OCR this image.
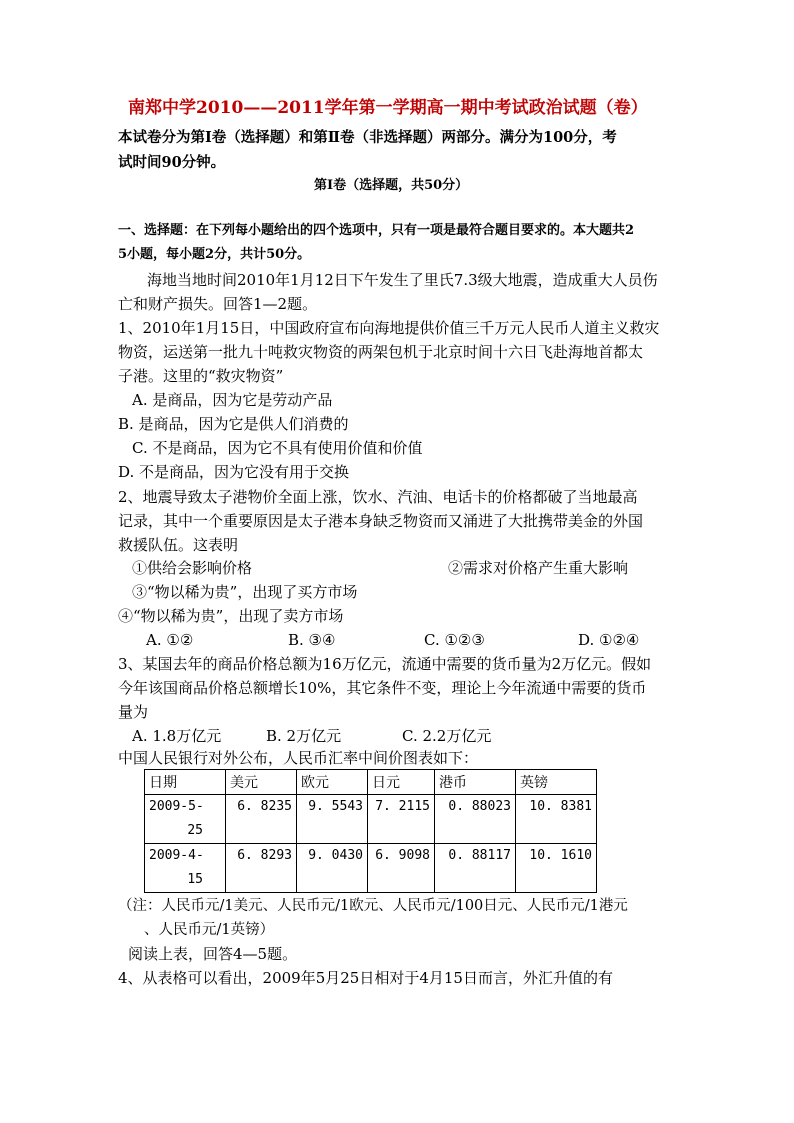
南郑中学2010——2011学年第一学期高一期中考试政治试题（卷）
本试卷分为第Ⅰ卷（选择题）和第Ⅱ卷（非选择题）两部分。满分为100分，考
试时间90分钟。
第Ⅰ卷（选择题，共50分）
一、选择题：在下列每小题给出的四个选项中，只有一项是最符合题目要求的。本大题共2
5小题，每小题2分，共计50分。
海地当地时间2010年1月12日下午发生了里氏7.3级大地震，造成重大人员伤
亡和财产损失。回答1—2题。
1、2010年1月15日，中国政府宣布向海地提供价值三千万元人民币人道主义救灾
物资，运送第一批九十吨救灾物资的两架包机于北京时间十六日飞赴海地首都太
子港。这里的“救灾物资”
A. 是商品，因为它是劳动产品
B. 是商品，因为它是供人们消费的
C. 不是商品，因为它不具有使用价值和价值
D. 不是商品，因为它没有用于交换
2、地震导致太子港物价全面上涨，饮水、汽油、电话卡的价格都破了当地最高
记录，其中一个重要原因是太子港本身缺乏物资而又涌进了大批携带美金的外国
救援队伍。这表明
①供给会影响价格	②需求对价格产生重大影响
③“物以稀为贵”，出现了买方市场
④“物以稀为贵”，出现了卖方市场
A. ①②	B. ③④	C. ①②③	D. ①②④
3、某国去年的商品价格总额为16万亿元，流通中需要的货币量为2万亿元。假如
今年该国商品价格总额增长10%，其它条件不变，理论上今年流通中需要的货币
量为
A. 1.8万亿元	B. 2万亿元	C. 2.2万亿元
中国人民银行对外公布，人民币汇率中间价图表如下：
日期	美元	欧元	日元	港币	英镑

2009-5-
25	6. 8235	9. 5543	7. 2115	0. 88023	10. 8381

2009-4-
15	6. 8293	9. 0430	6. 9098	0. 88117	10. 1610
（注：人民币元/1美元、人民币元/1欧元、人民币元/100日元、人民币元/1港元
、人民币元/1英镑）
阅读上表，回答4—5题。
4、从表格可以看出，2009年5月25日相对于4月15日而言，外汇升值的有
